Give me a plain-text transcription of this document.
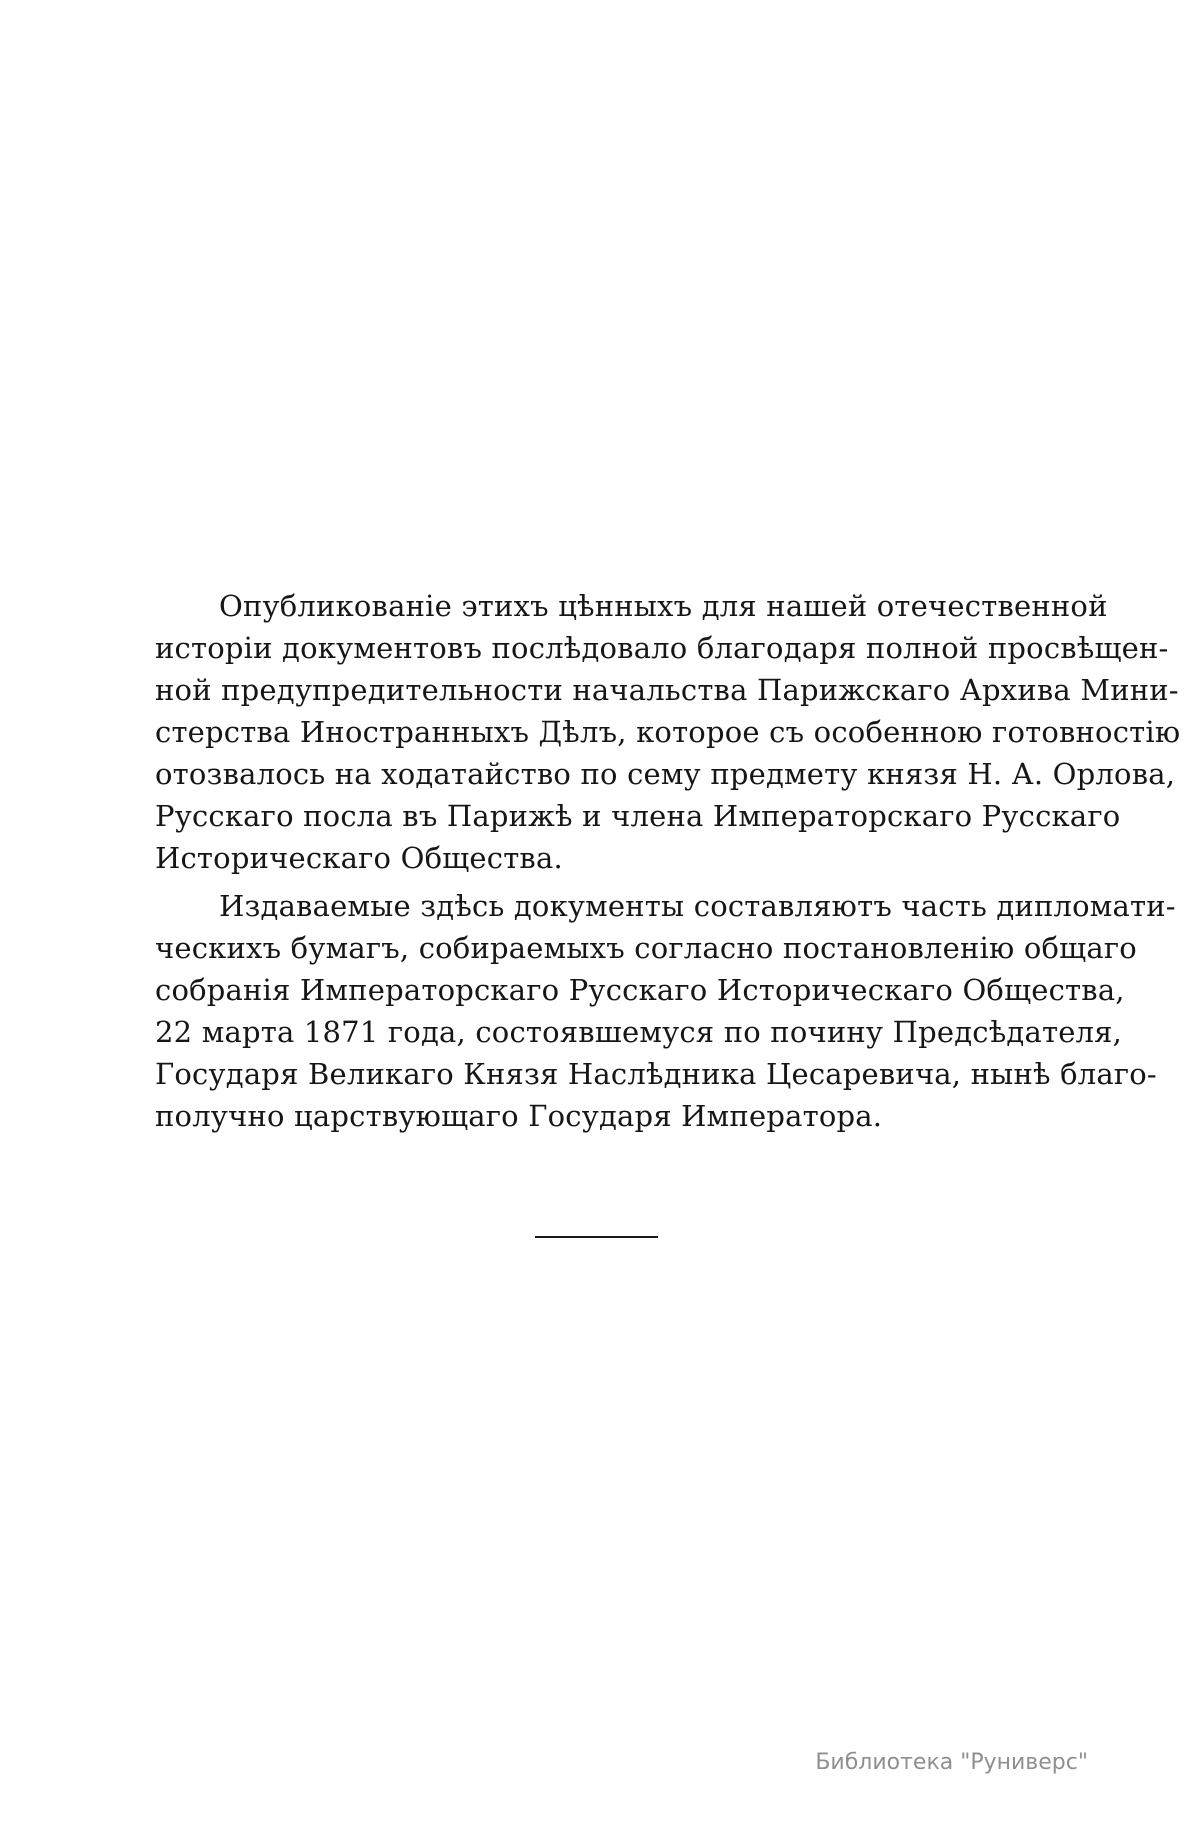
Опубликованіе этихъ цѣнныхъ для нашей отечественной
исторіи документовъ послѣдовало благодаря полной просвѣщен-
ной предупредительности начальства Парижскаго Архива Мини-
стерства Иностранныхъ Дѣлъ, которое съ особенною готовностію
отозвалось на ходатайство по сему предмету князя Н. А. Орлова,
Русскаго посла въ Парижѣ и члена Императорскаго Русскаго
Историческаго Общества.
Издаваемые здѣсь документы составляютъ часть дипломати-
ческихъ бумагъ, собираемыхъ согласно постановленію общаго
собранія Императорскаго Русскаго Историческаго Общества,
22 марта 1871 года, состоявшемуся по почину Предсѣдателя,
Государя Великаго Князя Наслѣдника Цесаревича, нынѣ благо-
получно царствующаго Государя Императора.
Библиотека "Руниверс"
